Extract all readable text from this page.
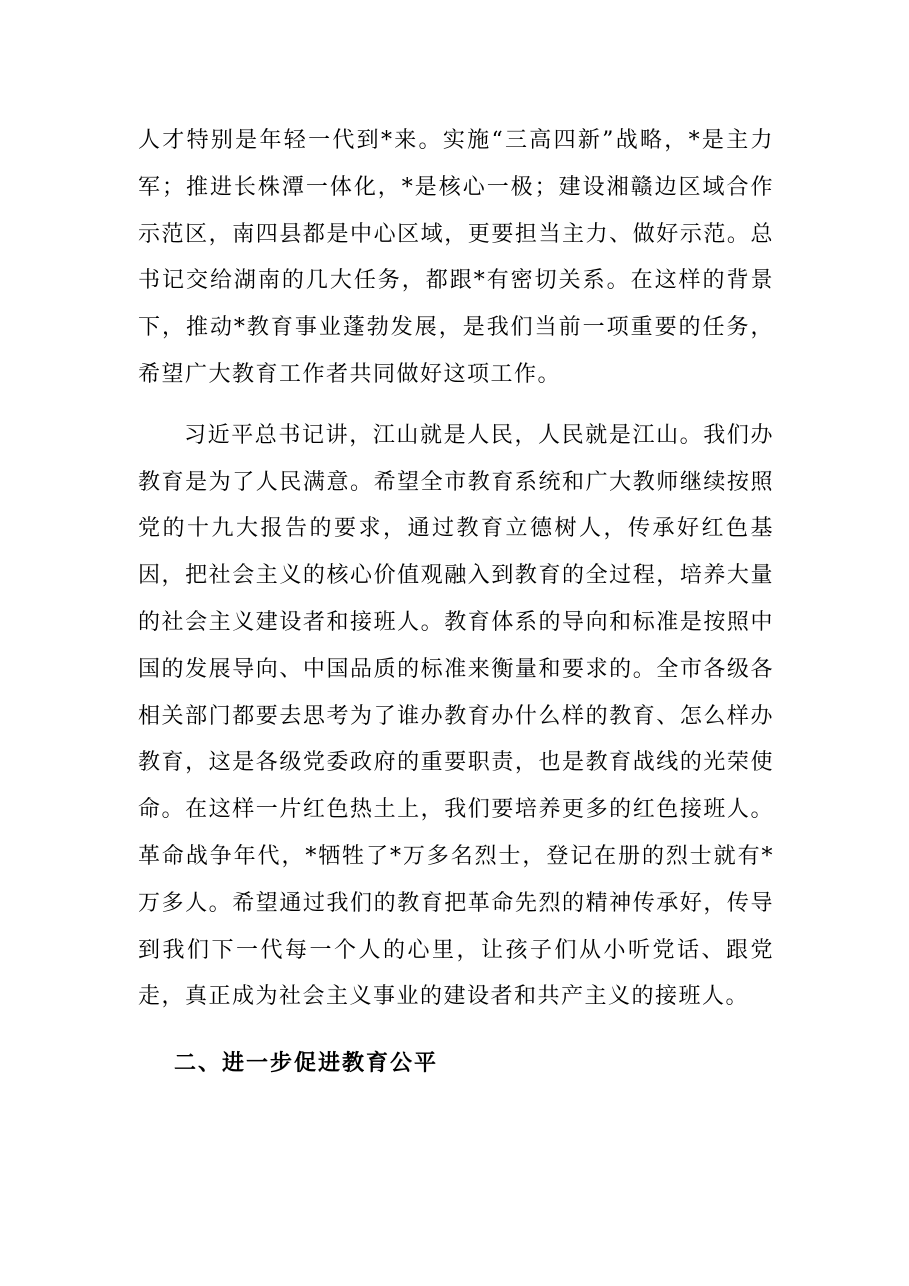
人才特别是年轻一代到*来。实施“三高四新”战略，*是主力军；推进长株潭一体化，*是核心一极；建设湘赣边区域合作示范区，南四县都是中心区域，更要担当主力、做好示范。总书记交给湖南的几大任务，都跟*有密切关系。在这样的背景下，推动*教育事业蓬勃发展，是我们当前一项重要的任务，希望广大教育工作者共同做好这项工作。

习近平总书记讲，江山就是人民，人民就是江山。我们办教育是为了人民满意。希望全市教育系统和广大教师继续按照党的十九大报告的要求，通过教育立德树人，传承好红色基因，把社会主义的核心价值观融入到教育的全过程，培养大量的社会主义建设者和接班人。教育体系的导向和标准是按照中国的发展导向、中国品质的标准来衡量和要求的。全市各级各相关部门都要去思考为了谁办教育办什么样的教育、怎么样办教育，这是各级党委政府的重要职责，也是教育战线的光荣使命。在这样一片红色热土上，我们要培养更多的红色接班人。革命战争年代，*牺牲了*万多名烈士，登记在册的烈士就有*万多人。希望通过我们的教育把革命先烈的精神传承好，传导到我们下一代每一个人的心里，让孩子们从小听党话、跟党走，真正成为社会主义事业的建设者和共产主义的接班人。

二、进一步促进教育公平
